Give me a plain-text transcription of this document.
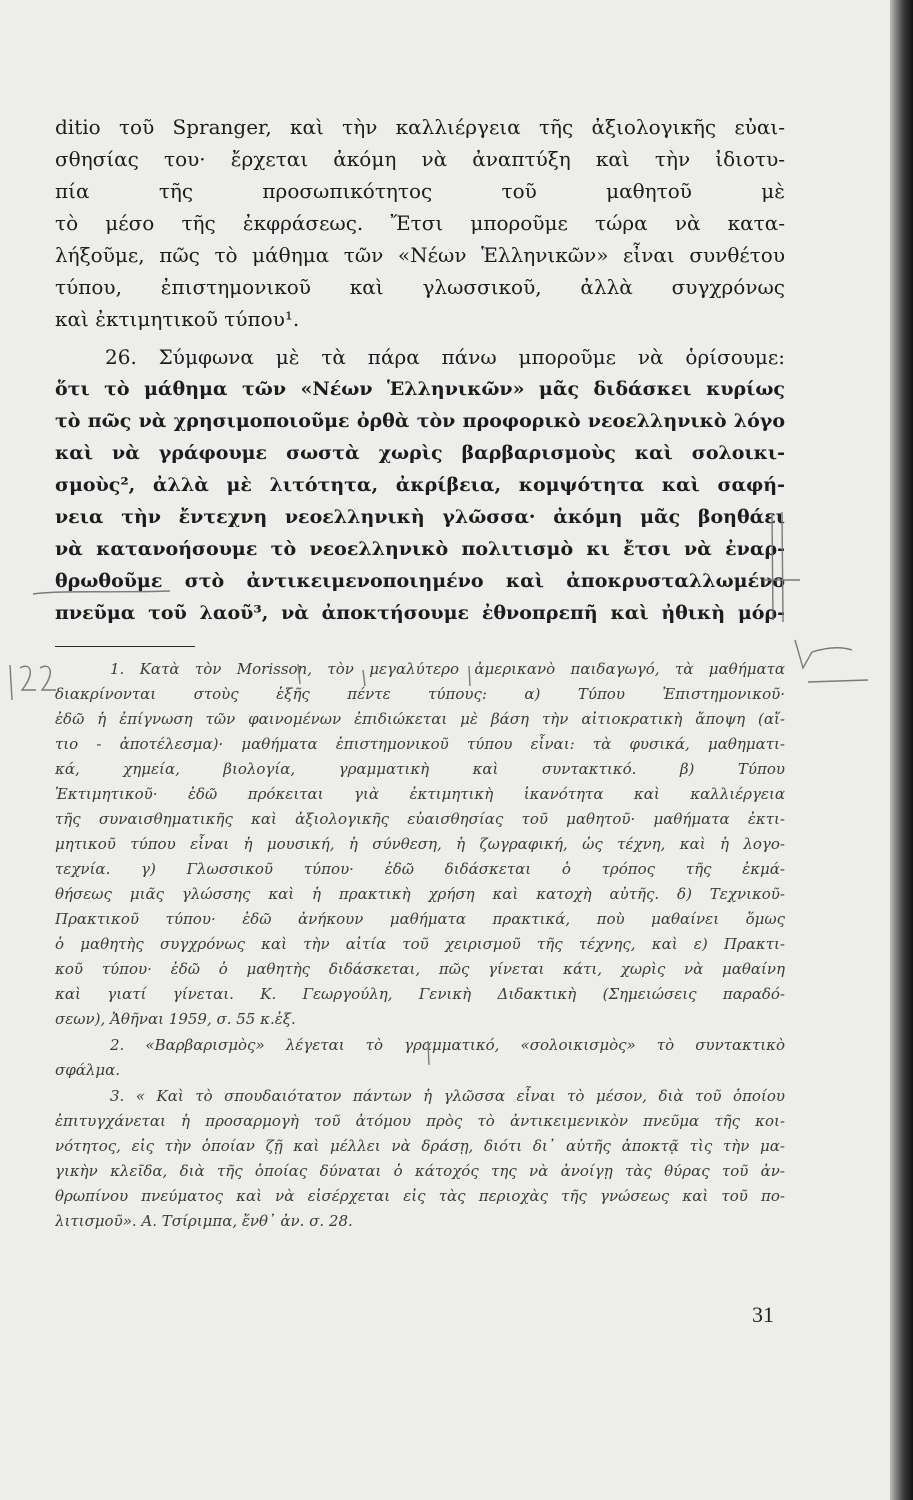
ditio τοῦ Spranger, καὶ τὴν καλλιέργεια τῆς ἀξιολογικῆς εὐαι-
σθησίας του· ἔρχεται ἀκόμη νὰ ἀναπτύξη καὶ τὴν ἰδιοτυ-
πία τῆς προσωπικότητος τοῦ μαθητοῦ μὲ
τὸ μέσο τῆς ἐκφράσεως. Ἔτσι μποροῦμε τώρα νὰ κατα-
λήξοῦμε, πῶς τὸ μάθημα τῶν «Νέων Ἑλληνικῶν» εἶναι συνθέτου
τύπου, ἐπιστημονικοῦ καὶ γλωσσικοῦ, ἀλλὰ συγχρόνως
καὶ ἐκτιμητικοῦ τύπου¹.
26. Σύμφωνα μὲ τὰ πάρα πάνω μποροῦμε νὰ ὁρίσουμε:
ὅτι τὸ μάθημα τῶν «Νέων Ἑλληνικῶν» μᾶς διδάσκει κυρίως
τὸ πῶς νὰ χρησιμοποιοῦμε ὀρθὰ τὸν προφορικὸ νεοελληνικὸ λόγο
καὶ νὰ γράφουμε σωστὰ χωρὶς βαρβαρισμοὺς καὶ σολοικι-
σμοὺς², ἀλλὰ μὲ λιτότητα, ἀκρίβεια, κομψότητα καὶ σαφή-
νεια τὴν ἔντεχνη νεοελληνικὴ γλῶσσα· ἀκόμη μᾶς βοηθάει
νὰ κατανοήσουμε τὸ νεοελληνικὸ πολιτισμὸ κι ἔτσι νὰ ἐναρ-
θρωθοῦμε στὸ ἀντικειμενοποιημένο καὶ ἀποκρυσταλλωμένο
πνεῦμα τοῦ λαοῦ³, νὰ ἀποκτήσουμε ἐθνοπρεπῆ καὶ ἠθικὴ μόρ-
1. Κατὰ τὸν Morisson, τὸν μεγαλύτερο ἀμερικανὸ παιδαγωγό, τὰ μαθήματα
διακρίνονται στοὺς ἑξῆς πέντε τύπους: α) Τύπου Ἐπιστημονικοῦ·
ἐδῶ ἡ ἐπίγνωση τῶν φαινομένων ἐπιδιώκεται μὲ βάση τὴν αἰτιοκρατικὴ ἄποψη (αἴ-
τιο - ἀποτέλεσμα)· μαθήματα ἐπιστημονικοῦ τύπου εἶναι: τὰ φυσικά, μαθηματι-
κά, χημεία, βιολογία, γραμματικὴ καὶ συντακτικό. β) Τύπου
Ἐκτιμητικοῦ· ἐδῶ πρόκειται γιὰ ἐκτιμητικὴ ἱκανότητα καὶ καλλιέργεια
τῆς συναισθηματικῆς καὶ ἀξιολογικῆς εὐαισθησίας τοῦ μαθητοῦ· μαθήματα ἐκτι-
μητικοῦ τύπου εἶναι ἡ μουσική, ἡ σύνθεση, ἡ ζωγραφική, ὡς τέχνη, καὶ ἡ λογο-
τεχνία. γ) Γλωσσικοῦ τύπου· ἐδῶ διδάσκεται ὁ τρόπος τῆς ἐκμά-
θήσεως μιᾶς γλώσσης καὶ ἡ πρακτικὴ χρήση καὶ κατοχὴ αὐτῆς. δ) Τεχνικοῦ-
Πρακτικοῦ τύπου· ἐδῶ ἀνήκουν μαθήματα πρακτικά, ποὺ μαθαίνει ὅμως
ὁ μαθητὴς συγχρόνως καὶ τὴν αἰτία τοῦ χειρισμοῦ τῆς τέχνης, καὶ ε) Πρακτι-
κοῦ τύπου· ἐδῶ ὁ μαθητὴς διδάσκεται, πῶς γίνεται κάτι, χωρὶς νὰ μαθαίνη
καὶ γιατί γίνεται. Κ. Γεωργούλη, Γενικὴ Διδακτικὴ (Σημειώσεις παραδό-
σεων), Ἀθῆναι 1959, σ. 55 κ.ἑξ.
2. «Βαρβαρισμὸς» λέγεται τὸ γραμματικό, «σολοικισμὸς» τὸ συντακτικὸ
σφάλμα.
3. « Καὶ τὸ σπουδαιότατον πάντων ἡ γλῶσσα εἶναι τὸ μέσον, διὰ τοῦ ὁποίου
ἐπιτυγχάνεται ἡ προσαρμογὴ τοῦ ἀτόμου πρὸς τὸ ἀντικειμενικὸν πνεῦμα τῆς κοι-
νότητος, εἰς τὴν ὁποίαν ζῇ καὶ μέλλει νὰ δράσῃ, διότι δι᾽ αὐτῆς ἀποκτᾷ τὶς τὴν μα-
γικὴν κλεῖδα, διὰ τῆς ὁποίας δύναται ὁ κάτοχός της νὰ ἀνοίγῃ τὰς θύρας τοῦ ἀν-
θρωπίνου πνεύματος καὶ νὰ εἰσέρχεται εἰς τὰς περιοχὰς τῆς γνώσεως καὶ τοῦ πο-
λιτισμοῦ». Α. Τσίριμπα, ἔνθ᾽ ἀν. σ. 28.
31
